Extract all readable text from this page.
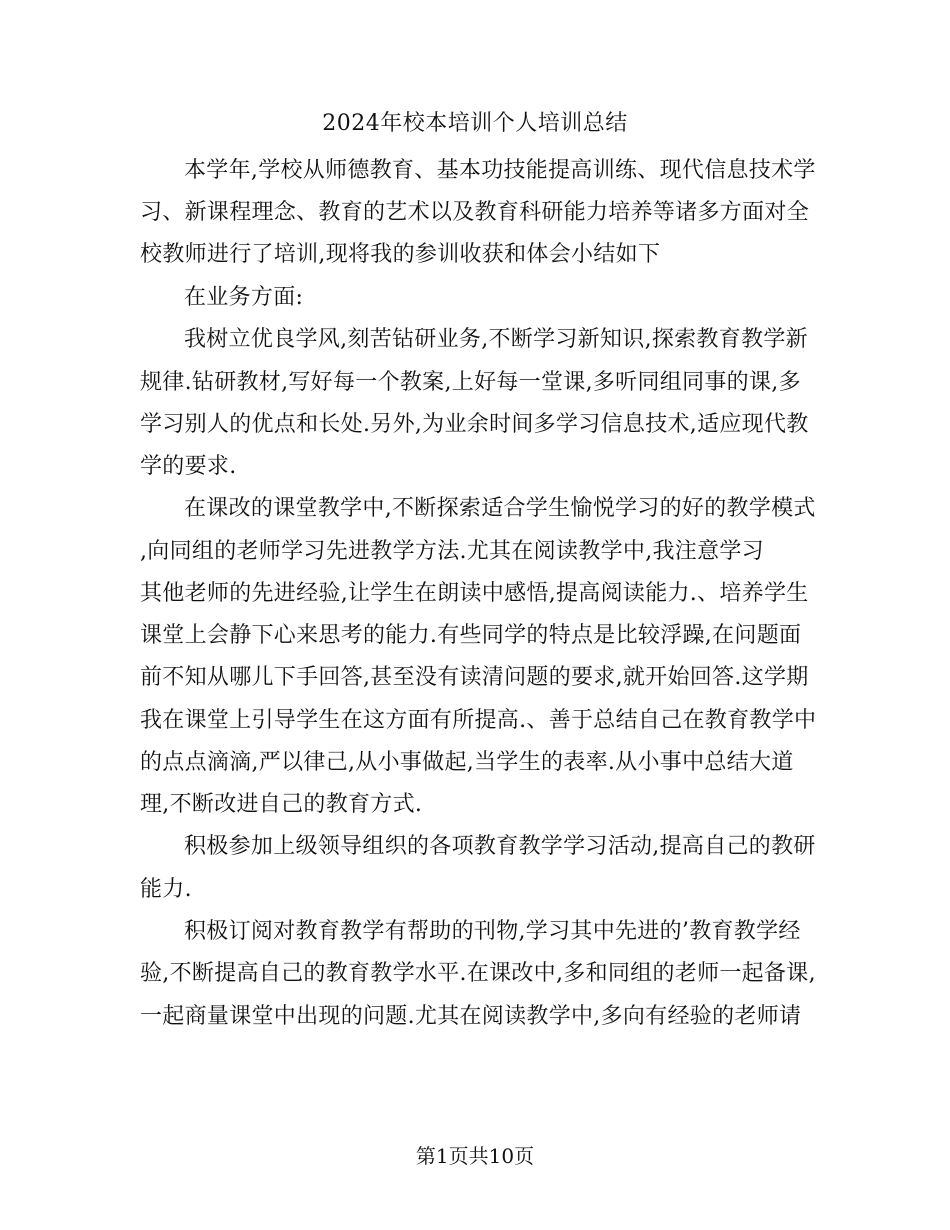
2024年校本培训个人培训总结
本学年,学校从师德教育、基本功技能提高训练、现代信息技术学
习、新课程理念、教育的艺术以及教育科研能力培养等诸多方面对全
校教师进行了培训,现将我的参训收获和体会小结如下
在业务方面:
我树立优良学风,刻苦钻研业务,不断学习新知识,探索教育教学新
规律.钻研教材,写好每一个教案,上好每一堂课,多听同组同事的课,多
学习别人的优点和长处.另外,为业余时间多学习信息技术,适应现代教
学的要求.
在课改的课堂教学中,不断探索适合学生愉悦学习的好的教学模式
,向同组的老师学习先进教学方法.尤其在阅读教学中,我注意学习
其他老师的先进经验,让学生在朗读中感悟,提高阅读能力.、培养学生
课堂上会静下心来思考的能力.有些同学的特点是比较浮躁,在问题面
前不知从哪儿下手回答,甚至没有读清问题的要求,就开始回答.这学期
我在课堂上引导学生在这方面有所提高.、善于总结自己在教育教学中
的点点滴滴,严以律己,从小事做起,当学生的表率.从小事中总结大道
理,不断改进自己的教育方式.
积极参加上级领导组织的各项教育教学学习活动,提高自己的教研
能力.
积极订阅对教育教学有帮助的刊物,学习其中先进的’教育教学经
验,不断提高自己的教育教学水平.在课改中,多和同组的老师一起备课,
一起商量课堂中出现的问题.尤其在阅读教学中,多向有经验的老师请
第1页共10页
